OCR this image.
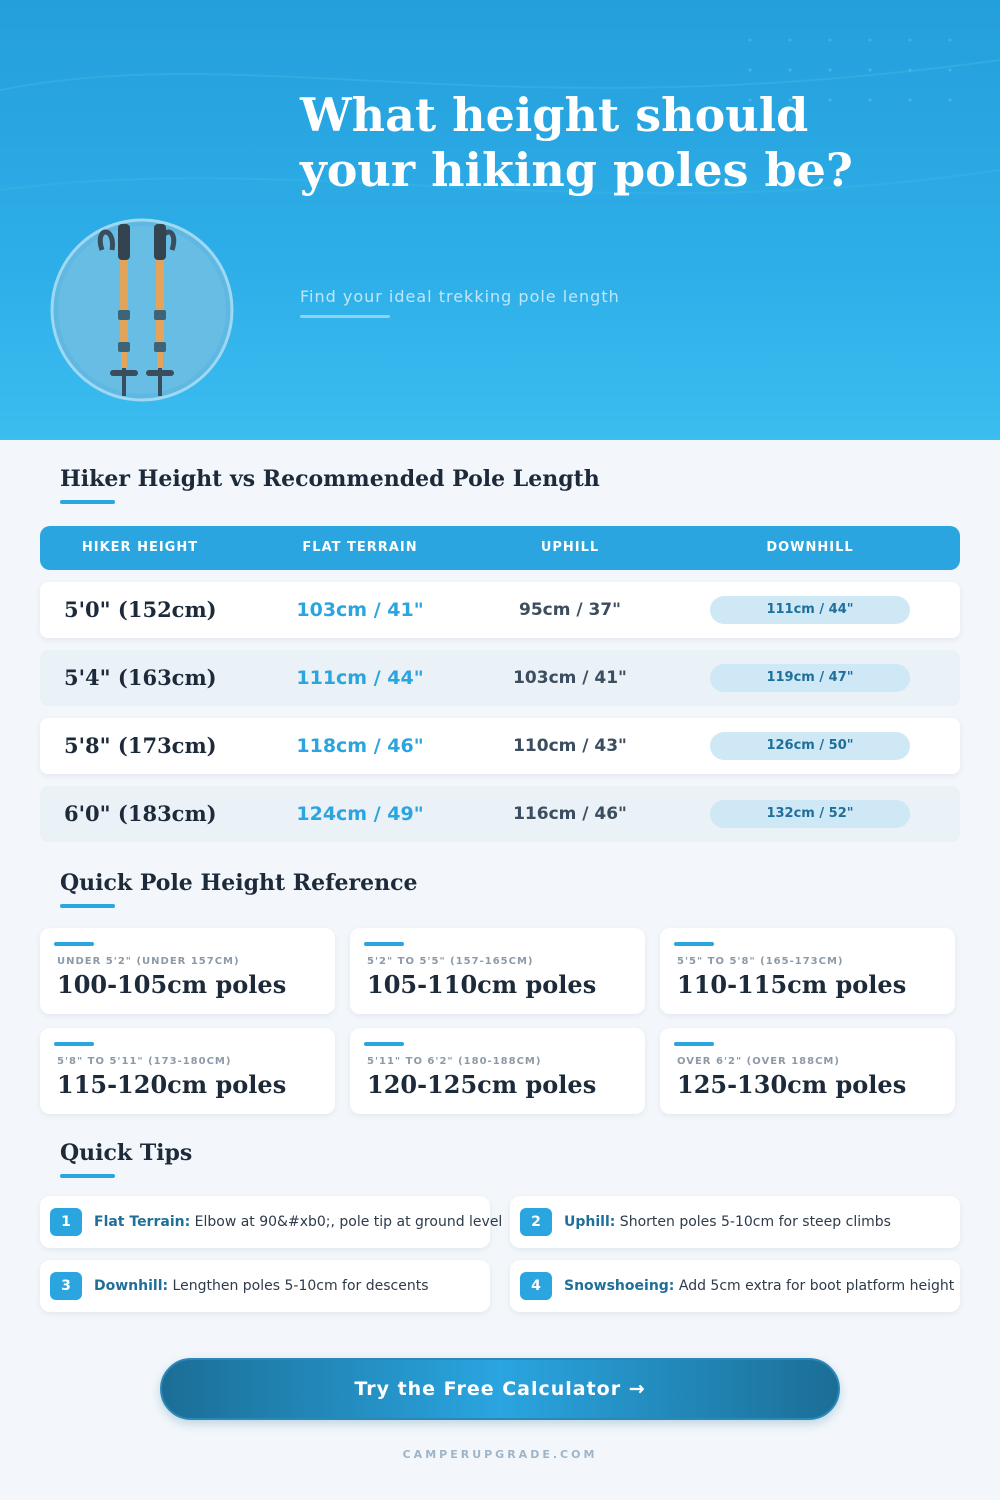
What height should your hiking poles be?
Find your ideal trekking pole length
Hiker Height vs Recommended Pole Length
HIKER HEIGHT	FLAT TERRAIN	UPHILL	DOWNHILL
5'0" (152cm)	103cm / 41"	95cm / 37"	111cm / 44"
5'4" (163cm)	111cm / 44"	103cm / 41"	119cm / 47"
5'8" (173cm)	118cm / 46"	110cm / 43"	126cm / 50"
6'0" (183cm)	124cm / 49"	116cm / 46"	132cm / 52"
Quick Pole Height Reference
UNDER 5'2" (UNDER 157CM)
100-105cm poles
5'2" TO 5'5" (157-165CM)
105-110cm poles
5'5" TO 5'8" (165-173CM)
110-115cm poles
5'8" TO 5'11" (173-180CM)
115-120cm poles
5'11" TO 6'2" (180-188CM)
120-125cm poles
OVER 6'2" (OVER 188CM)
125-130cm poles
Quick Tips
1	Flat Terrain: Elbow at 90&#xb0;, pole tip at ground level	2	Uphill: Shorten poles 5-10cm for steep climbs
3	Downhill: Lengthen poles 5-10cm for descents	4	Snowshoeing: Add 5cm extra for boot platform height
Try the Free Calculator →
CAMPERUPGRADE.COM
